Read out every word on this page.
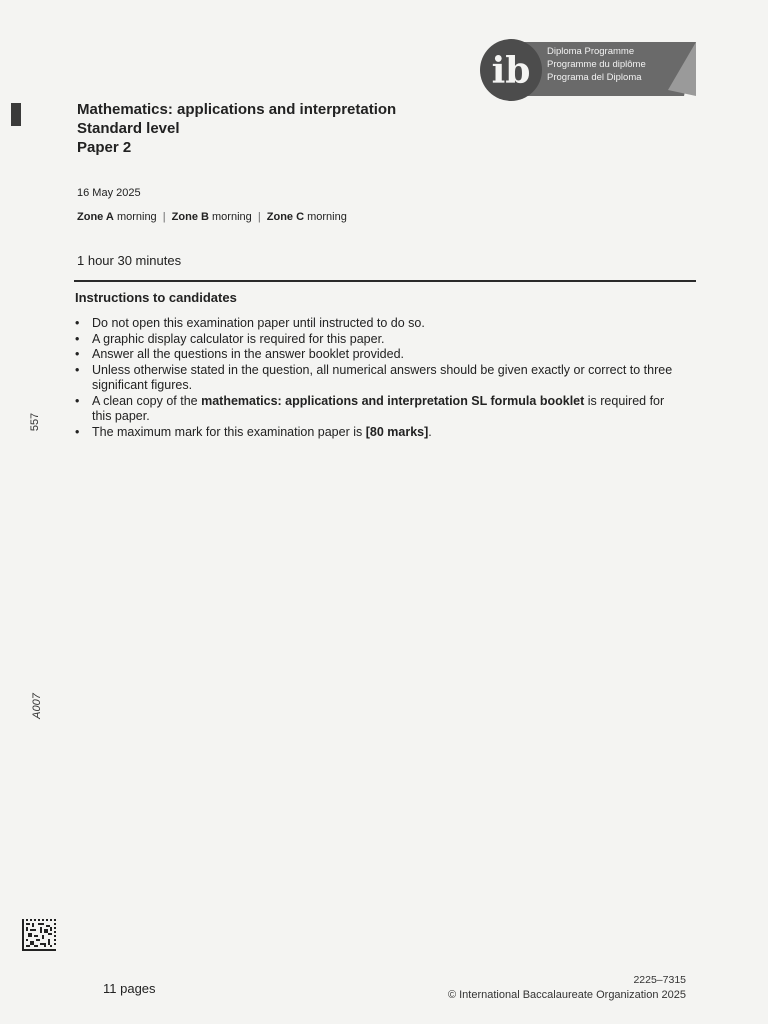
557
A007
ib Diploma Programme
Programme du diplôme
Programa del Diploma
Mathematics: applications and interpretation
Standard level
Paper 2
16 May 2025
Zone A morning | Zone B morning | Zone C morning
1 hour 30 minutes
Instructions to candidates
• Do not open this examination paper until instructed to do so.
• A graphic display calculator is required for this paper.
• Answer all the questions in the answer booklet provided.
• Unless otherwise stated in the question, all numerical answers should be given exactly or correct to three significant figures.
• A clean copy of the mathematics: applications and interpretation SL formula booklet is required for this paper.
• The maximum mark for this examination paper is [80 marks].
11 pages
2225–7315
© International Baccalaureate Organization 2025
